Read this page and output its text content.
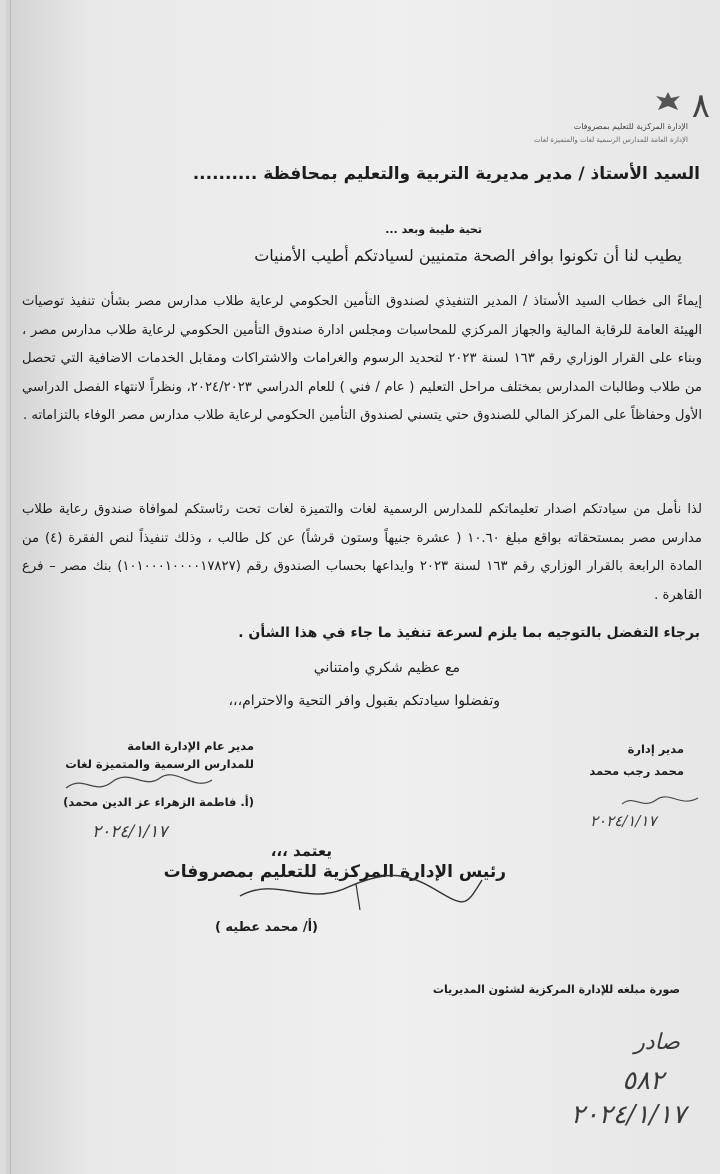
٨
الإدارة المركزية للتعليم بمصروفات
الإدارة العامة للمدارس الرسمية لغات والمتميزة لغات
السيد الأستاذ / مدير مديرية التربية والتعليم بمحافظة ..........
تحية طيبة وبعد ...
يطيب لنا أن تكونوا بوافر الصحة متمنيين لسيادتكم أطيب الأمنيات
إيماءً الى خطاب السيد الأستاذ / المدير التنفيذي لصندوق التأمين الحكومي لرعاية طلاب مدارس مصر بشأن تنفيذ توصيات الهيئة العامة للرقابة المالية والجهاز المركزي للمحاسبات ومجلس ادارة صندوق التأمين الحكومي لرعاية طلاب مدارس مصر ، وبناء على القرار الوزاري رقم ١٦٣ لسنة ٢٠٢٣ لتحديد الرسوم والغرامات والاشتراكات ومقابل الخدمات الاضافية التي تحصل من طلاب وطالبات المدارس بمختلف مراحل التعليم ( عام / فني ) للعام الدراسي ٢٠٢٤/٢٠٢٣، ونظراً لانتهاء الفصل الدراسي الأول وحفاظاً على المركز المالي للصندوق حتي يتسني لصندوق التأمين الحكومي لرعاية طلاب مدارس مصر الوفاء بالتزاماته .
لذا نأمل من سيادتكم اصدار تعليماتكم للمدارس الرسمية لغات والتميزة لغات تحت رئاستكم لموافاة صندوق رعاية طلاب مدارس مصر بمستحقاته بواقع مبلغ ١٠.٦٠ ( عشرة جنيهاً وستون قرشاً) عن كل طالب ، وذلك تنفيذاً لنص الفقرة (٤) من المادة الرابعة بالقرار الوزاري رقم ١٦٣ لسنة ٢٠٢٣ وايداعها بحساب الصندوق رقم (١٠١٠٠٠١٠٠٠٠١٧٨٢٧) بنك مصر – فرع القاهرة .
برجاء التفضل بالتوجيه بما يلزم لسرعة تنفيذ ما جاء في هذا الشأن .
مع عظيم شكري وامتناني
وتفضلوا سيادتكم بقبول وافر التحية والاحترام،،،
مدير عام الإدارة العامة
للمدارس الرسمية والمتميزة لغات
(أ. فاطمة الزهراء عز الدين محمد)
٢٠٢٤/١/١٧
مدير إدارة
محمد رجب محمد
٢٠٢٤/١/١٧
يعتمد ،،،
رئيس الإدارة المركزية للتعليم بمصروفات
(أ/ محمد عطيه )
صورة مبلغه للإدارة المركزية لشئون المديريات
صادر
٥٨٢
٢٠٢٤/١/١٧
